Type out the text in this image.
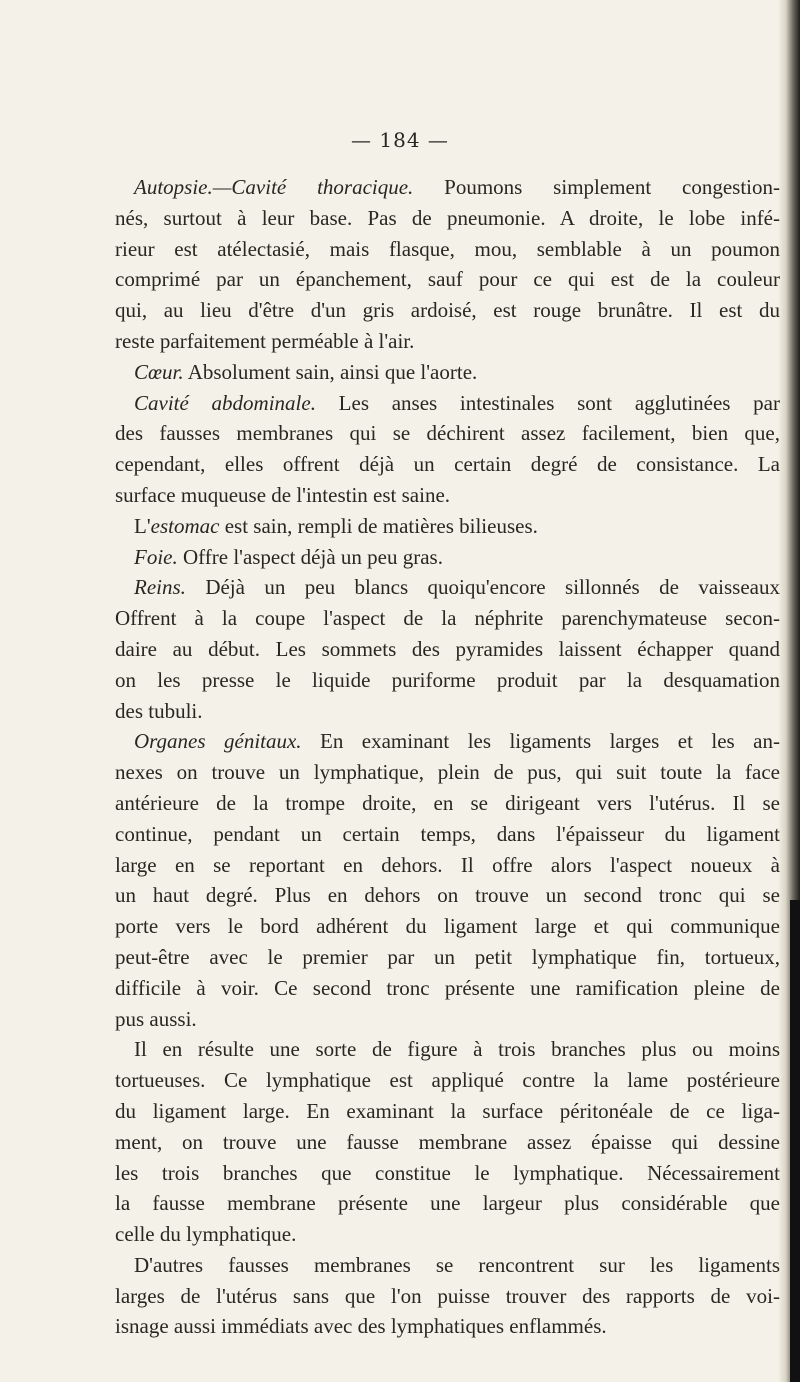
— 184 —
Autopsie.—Cavité thoracique. Poumons simplement congestion-
nés, surtout à leur base. Pas de pneumonie. A droite, le lobe infé-
rieur est atélectasié, mais flasque, mou, semblable à un poumon
comprimé par un épanchement, sauf pour ce qui est de la couleur
qui, au lieu d'être d'un gris ardoisé, est rouge brunâtre. Il est du
reste parfaitement perméable à l'air.
Cœur. Absolument sain, ainsi que l'aorte.
Cavité abdominale. Les anses intestinales sont agglutinées par
des fausses membranes qui se déchirent assez facilement, bien que,
cependant, elles offrent déjà un certain degré de consistance. La
surface muqueuse de l'intestin est saine.
L'estomac est sain, rempli de matières bilieuses.
Foie. Offre l'aspect déjà un peu gras.
Reins. Déjà un peu blancs quoiqu'encore sillonnés de vaisseaux
Offrent à la coupe l'aspect de la néphrite parenchymateuse secon-
daire au début. Les sommets des pyramides laissent échapper quand
on les presse le liquide puriforme produit par la desquamation
des tubuli.
Organes génitaux. En examinant les ligaments larges et les an-
nexes on trouve un lymphatique, plein de pus, qui suit toute la face
antérieure de la trompe droite, en se dirigeant vers l'utérus. Il se
continue, pendant un certain temps, dans l'épaisseur du ligament
large en se reportant en dehors. Il offre alors l'aspect noueux à
un haut degré. Plus en dehors on trouve un second tronc qui se
porte vers le bord adhérent du ligament large et qui communique
peut-être avec le premier par un petit lymphatique fin, tortueux,
difficile à voir. Ce second tronc présente une ramification pleine de
pus aussi.
Il en résulte une sorte de figure à trois branches plus ou moins
tortueuses. Ce lymphatique est appliqué contre la lame postérieure
du ligament large. En examinant la surface péritonéale de ce liga-
ment, on trouve une fausse membrane assez épaisse qui dessine
les trois branches que constitue le lymphatique. Nécessairement
la fausse membrane présente une largeur plus considérable que
celle du lymphatique.
D'autres fausses membranes se rencontrent sur les ligaments
larges de l'utérus sans que l'on puisse trouver des rapports de voi-
isnage aussi immédiats avec des lymphatiques enflammés.
